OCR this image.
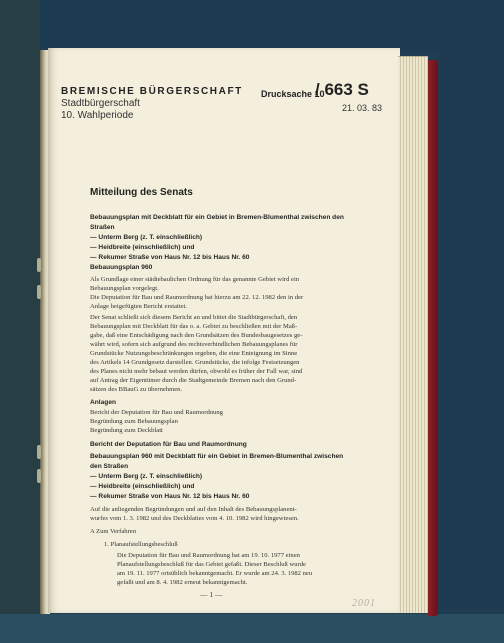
BREMISCHE BÜRGERSCHAFT
Stadtbürgerschaft
10. Wahlperiode
Drucksache 10
/ 663 S
21. 03. 83
Mitteilung des Senats
Bebauungsplan mit Deckblatt für ein Gebiet in Bremen-Blumenthal zwischen den
Straßen
— Unterm Berg (z. T. einschließlich)
— Heidbreite (einschließlich) und
— Rekumer Straße von Haus Nr. 12 bis Haus Nr. 60
Bebauungsplan 960
Als Grundlage einer städtebaulichen Ordnung für das genannte Gebiet wird ein
Bebauungsplan vorgelegt.
Die Deputation für Bau und Raumordnung hat hierzu am 22. 12. 1982 den in der
Anlage beigefügten Bericht erstattet.
Der Senat schließt sich diesem Bericht an und bittet die Stadtbürgerschaft, den
Bebauungsplan mit Deckblatt für das o. a. Gebiet zu beschließen mit der Maß-
gabe, daß eine Entschädigung nach den Grundsätzen des Bundesbaugesetzes ge-
währt wird, sofern sich aufgrund des rechtsverbindlichen Bebauungsplanes für
Grundstücke Nutzungsbeschränkungen ergeben, die eine Enteignung im Sinne
des Artikels 14 Grundgesetz darstellen. Grundstücke, die infolge Festsetzungen
des Planes nicht mehr bebaut werden dürfen, obwohl es früher der Fall war, sind
auf Antrag der Eigentümer durch die Stadtgemeinde Bremen nach den Grund-
sätzen des BBauG zu übernehmen.
Anlagen
Bericht der Deputation für Bau und Raumordnung
Begründung zum Bebauungsplan
Begründung zum Deckblatt
Bericht der Deputation für Bau und Raumordnung
Bebauungsplan 960 mit Deckblatt für ein Gebiet in Bremen-Blumenthal zwischen
den Straßen
— Unterm Berg (z. T. einschließlich)
— Heidbreite (einschließlich) und
— Rekumer Straße von Haus Nr. 12 bis Haus Nr. 60
Auf die anliegenden Begründungen und auf den Inhalt des Bebauungsplanent-
wurfes vom 1. 3. 1982 und des Deckblattes vom 4. 10. 1982 wird hingewiesen.
A Zum Verfahren
1. Planaufstellungsbeschluß
Die Deputation für Bau und Raumordnung hat am 19. 10. 1977 einen
Planaufstellungsbeschluß für das Gebiet gefaßt. Dieser Beschluß wurde
am 19. 11. 1977 ortsüblich bekanntgemacht. Er wurde am 24. 3. 1982 neu
gefaßt und am 8. 4. 1982 erneut bekanntgemacht.
— 1 —
2001
